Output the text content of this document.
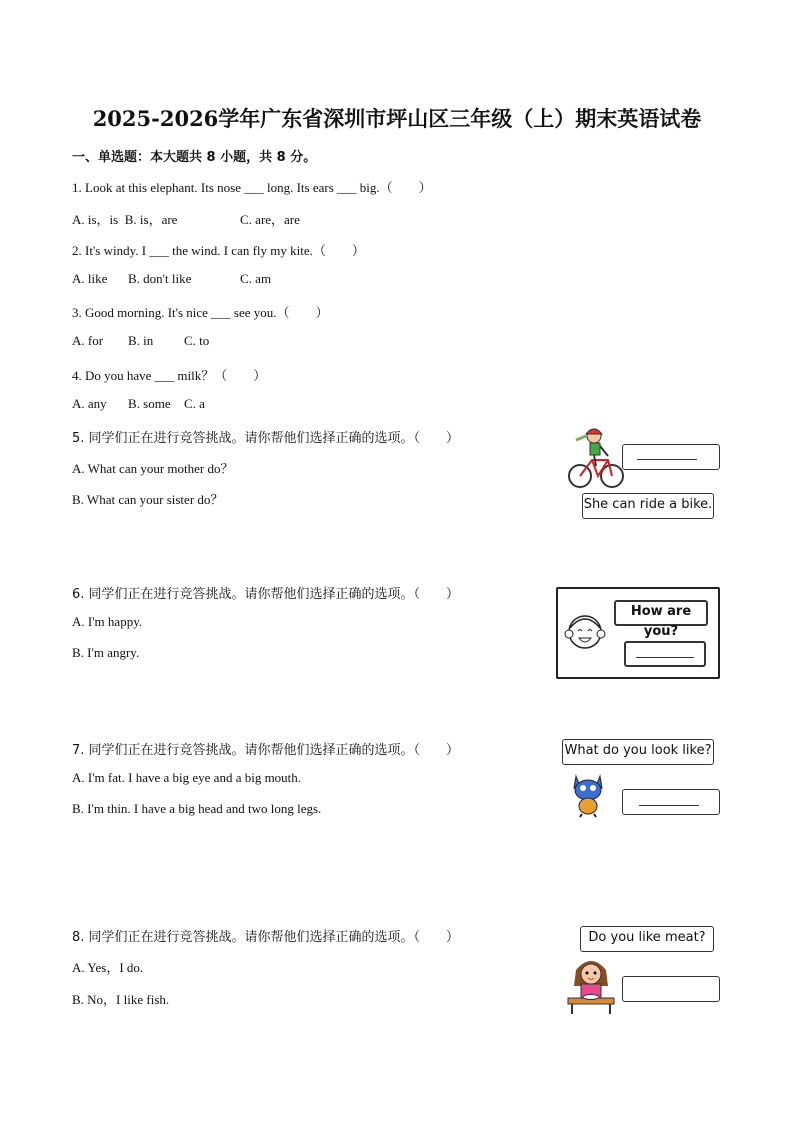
2025-2026学年广东省深圳市坪山区三年级（上）期末英语试卷
一、单选题：本大题共 8 小题，共 8 分。
1. Look at this elephant. Its nose ___ long. Its ears ___ big.（　　）
A. is，is  B. is，are	C. are，are
2. It's windy. I ___ the wind. I can fly my kite.（　　）
A. like B. don't like	C. am
3. Good morning. It's nice ___ see you.（　　）
A. for B. in C. to
4. Do you have ___ milk？（　　）
A. any B. some C. a
5. 同学们正在进行竞答挑战。请你帮他们选择正确的选项。（　　）
A. What can your mother do？
B. What can your sister do？	She can ride a bike.
6. 同学们正在进行竞答挑战。请你帮他们选择正确的选项。（　　）
A. I'm happy.
B. I'm angry.
How are you?
7. 同学们正在进行竞答挑战。请你帮他们选择正确的选项。（　　）
A. I'm fat. I have a big eye and a big mouth.
B. I'm thin. I have a big head and two long legs.
What do you look like?
8. 同学们正在进行竞答挑战。请你帮他们选择正确的选项。（　　）
A. Yes，I do.
B. No，I like fish.
Do you like meat?
